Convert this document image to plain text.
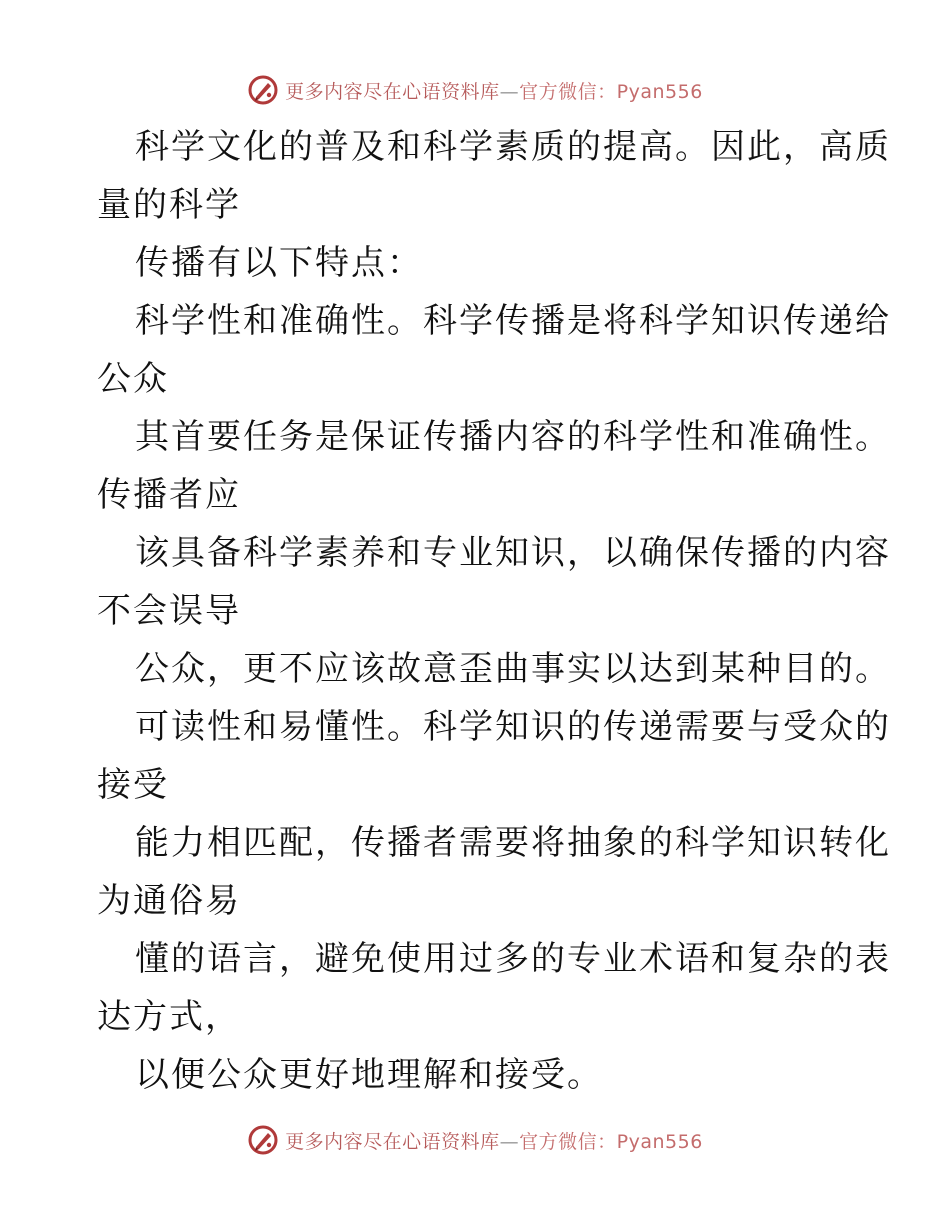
更多内容尽在心语资料库—官方微信：Pyan556
科学文化的普及和科学素质的提高。因此，高质
量的科学
传播有以下特点：
科学性和准确性。科学传播是将科学知识传递给
公众
其首要任务是保证传播内容的科学性和准确性。
传播者应
该具备科学素养和专业知识，以确保传播的内容
不会误导
公众，更不应该故意歪曲事实以达到某种目的。
可读性和易懂性。科学知识的传递需要与受众的
接受
能力相匹配，传播者需要将抽象的科学知识转化
为通俗易
懂的语言，避免使用过多的专业术语和复杂的表
达方式，
以便公众更好地理解和接受。
更多内容尽在心语资料库—官方微信：Pyan556
